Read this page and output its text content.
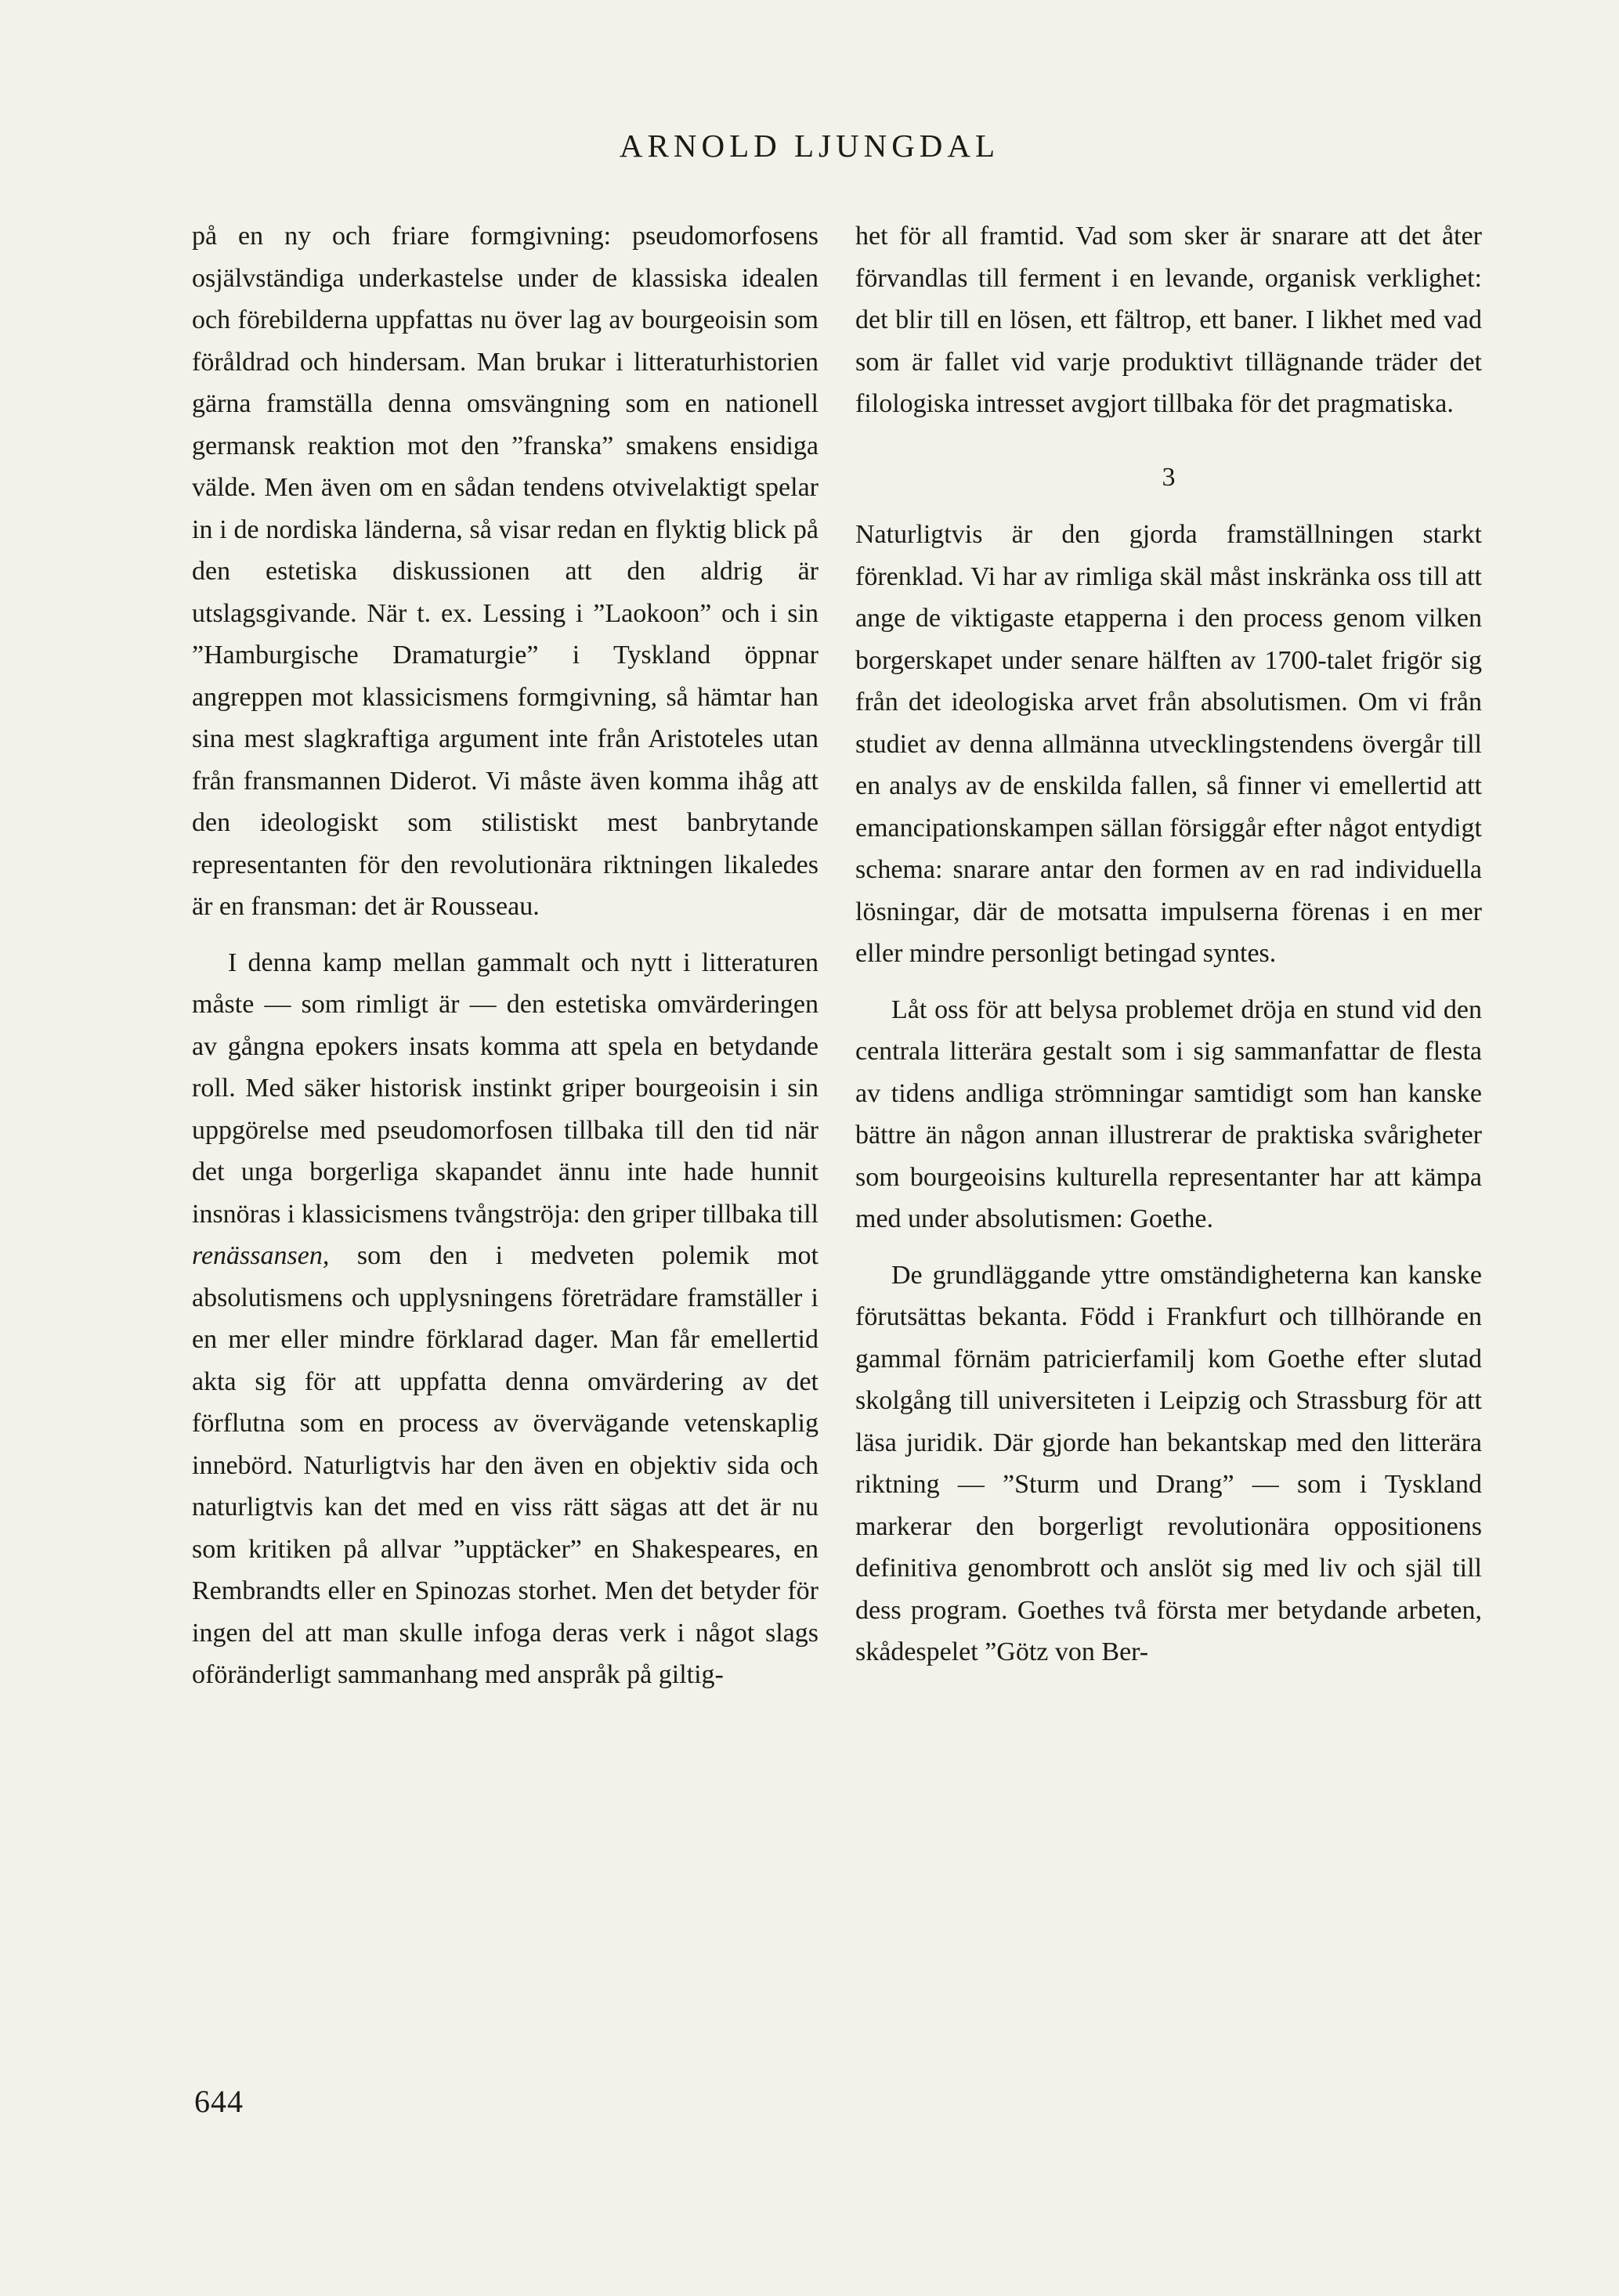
ARNOLD LJUNGDAL

på en ny och friare formgivning: pseudomorfosens osjälvständiga underkastelse under de klassiska idealen och förebilderna uppfattas nu över lag av bourgeoisin som föråldrad och hindersam. Man brukar i litteraturhistorien gärna framställa denna omsvängning som en nationell germansk reaktion mot den ”franska” smakens ensidiga välde. Men även om en sådan tendens otvivelaktigt spelar in i de nordiska länderna, så visar redan en flyktig blick på den estetiska diskussionen att den aldrig är utslagsgivande. När t. ex. Lessing i ”Laokoon” och i sin ”Hamburgische Dramaturgie” i Tyskland öppnar angreppen mot klassicismens formgivning, så hämtar han sina mest slagkraftiga argument inte från Aristoteles utan från fransmannen Diderot. Vi måste även komma ihåg att den ideologiskt som stilistiskt mest banbrytande representanten för den revolutionära riktningen likaledes är en fransman: det är Rousseau.

I denna kamp mellan gammalt och nytt i litteraturen måste — som rimligt är — den estetiska omvärderingen av gångna epokers insats komma att spela en betydande roll. Med säker historisk instinkt griper bourgeoisin i sin uppgörelse med pseudomorfosen tillbaka till den tid när det unga borgerliga skapandet ännu inte hade hunnit insnöras i klassicismens tvångströja: den griper tillbaka till renässansen, som den i medveten polemik mot absolutismens och upplysningens företrädare framställer i en mer eller mindre förklarad dager. Man får emellertid akta sig för att uppfatta denna omvärdering av det förflutna som en process av övervägande vetenskaplig innebörd. Naturligtvis har den även en objektiv sida och naturligtvis kan det med en viss rätt sägas att det är nu som kritiken på allvar ”upptäcker” en Shakespeares, en Rembrandts eller en Spinozas storhet. Men det betyder för ingen del att man skulle infoga deras verk i något slags oföränderligt sammanhang med anspråk på giltig-

het för all framtid. Vad som sker är snarare att det åter förvandlas till ferment i en levande, organisk verklighet: det blir till en lösen, ett fältrop, ett baner. I likhet med vad som är fallet vid varje produktivt tillägnande träder det filologiska intresset avgjort tillbaka för det pragmatiska.

3

Naturligtvis är den gjorda framställningen starkt förenklad. Vi har av rimliga skäl måst inskränka oss till att ange de viktigaste etapperna i den process genom vilken borgerskapet under senare hälften av 1700-talet frigör sig från det ideologiska arvet från absolutismen. Om vi från studiet av denna allmänna utvecklingstendens övergår till en analys av de enskilda fallen, så finner vi emellertid att emancipationskampen sällan försiggår efter något entydigt schema: snarare antar den formen av en rad individuella lösningar, där de motsatta impulserna förenas i en mer eller mindre personligt betingad syntes.

Låt oss för att belysa problemet dröja en stund vid den centrala litterära gestalt som i sig sammanfattar de flesta av tidens andliga strömningar samtidigt som han kanske bättre än någon annan illustrerar de praktiska svårigheter som bourgeoisins kulturella representanter har att kämpa med under absolutismen: Goethe.

De grundläggande yttre omständigheterna kan kanske förutsättas bekanta. Född i Frankfurt och tillhörande en gammal förnäm patricierfamilj kom Goethe efter slutad skolgång till universiteten i Leipzig och Strassburg för att läsa juridik. Där gjorde han bekantskap med den litterära riktning — ”Sturm und Drang” — som i Tyskland markerar den borgerligt revolutionära oppositionens definitiva genombrott och anslöt sig med liv och själ till dess program. Goethes två första mer betydande arbeten, skådespelet ”Götz von Ber-

644
